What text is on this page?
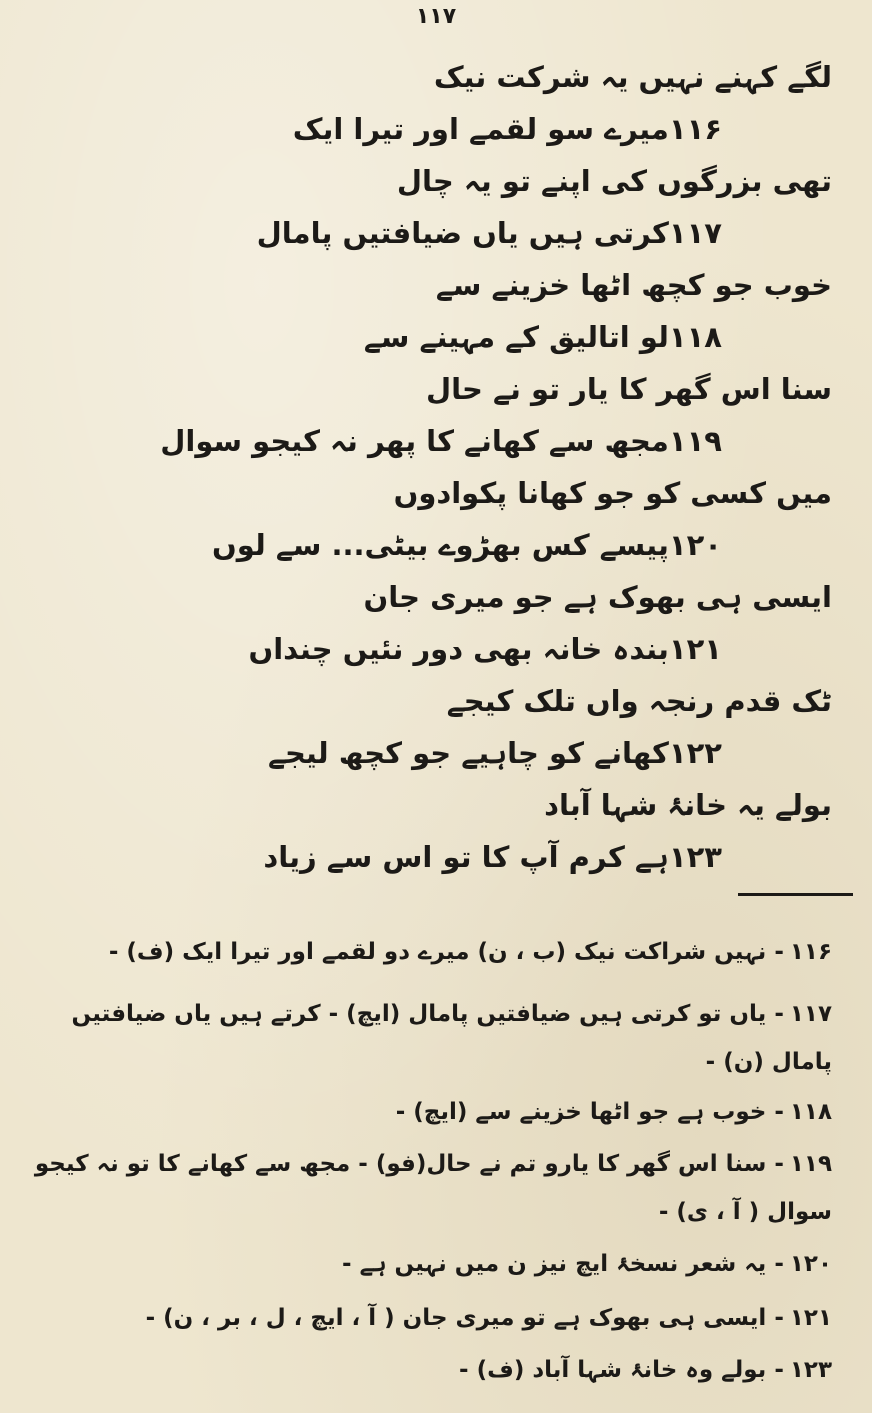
۱۱۷
لگے کہنے نہیں یہ شرکت نیک
۱۱۶میرے سو لقمے اور تیرا ایک
تھی بزرگوں کی اپنے تو یہ چال
۱۱۷کرتی ہیں یاں ضیافتیں پامال
خوب جو کچھ اٹھا خزینے سے
۱۱۸لو اتالیق کے مہینے سے
سنا اس گھر کا یار تو نے حال
۱۱۹مجھ سے کھانے کا پھر نہ کیجو سوال
میں کسی کو جو کھانا پکوادوں
۱۲۰پیسے کس بھڑوے بیٹی... سے لوں
ایسی ہی بھوک ہے جو میری جان
۱۲۱بندہ خانہ بھی دور نئیں چنداں
ٹک قدم رنجہ واں تلک کیجے
۱۲۲کھانے کو چاہیے جو کچھ لیجے
بولے یہ خانۂ شہا آباد
۱۲۳ہے کرم آپ کا تو اس سے زیاد
۱۱۶- نہیں شراکت نیک (ب ، ن) میرے دو لقمے اور تیرا ایک (ف) -
۱۱۷- یاں تو کرتی ہیں ضیافتیں پامال (ایچ) - کرتے ہیں یاں ضیافتیں پامال (ن) -
۱۱۸- خوب ہے جو اٹھا خزینے سے (ایچ) -
۱۱۹- سنا اس گھر کا یارو تم نے حال(فو) - مجھ سے کھانے کا تو نہ کیجو سوال ( آ ، ی) -
۱۲۰- یہ شعر نسخۂ ایچ نیز ن میں نہیں ہے -
۱۲۱- ایسی ہی بھوک ہے تو میری جان ( آ ، ایچ ، ل ، بر ، ن) -
۱۲۳- بولے وہ خانۂ شہا آباد (ف) -
